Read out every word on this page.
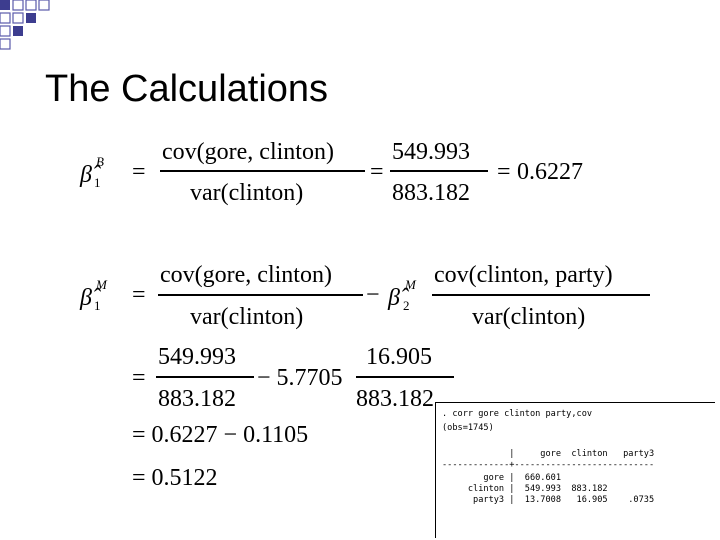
The Calculations
β̂
B
1 =
cov(gore, clinton)
var(clinton)
=
549.993
883.182
= 0.6227
β̂
M
1 =
cov(gore, clinton)
var(clinton)
− β̂
M
2
cov(clinton, party)
var(clinton)
=
549.993
883.182
− 5.7705
16.905
883.182
= 0.6227 − 0.1105
= 0.5122
. corr gore clinton party,cov
(obs=1745)
|     gore  clinton   party3
-------------+---------------------------
gore |  660.601
clinton |  549.993  883.182
party3 |  13.7008   16.905    .0735
